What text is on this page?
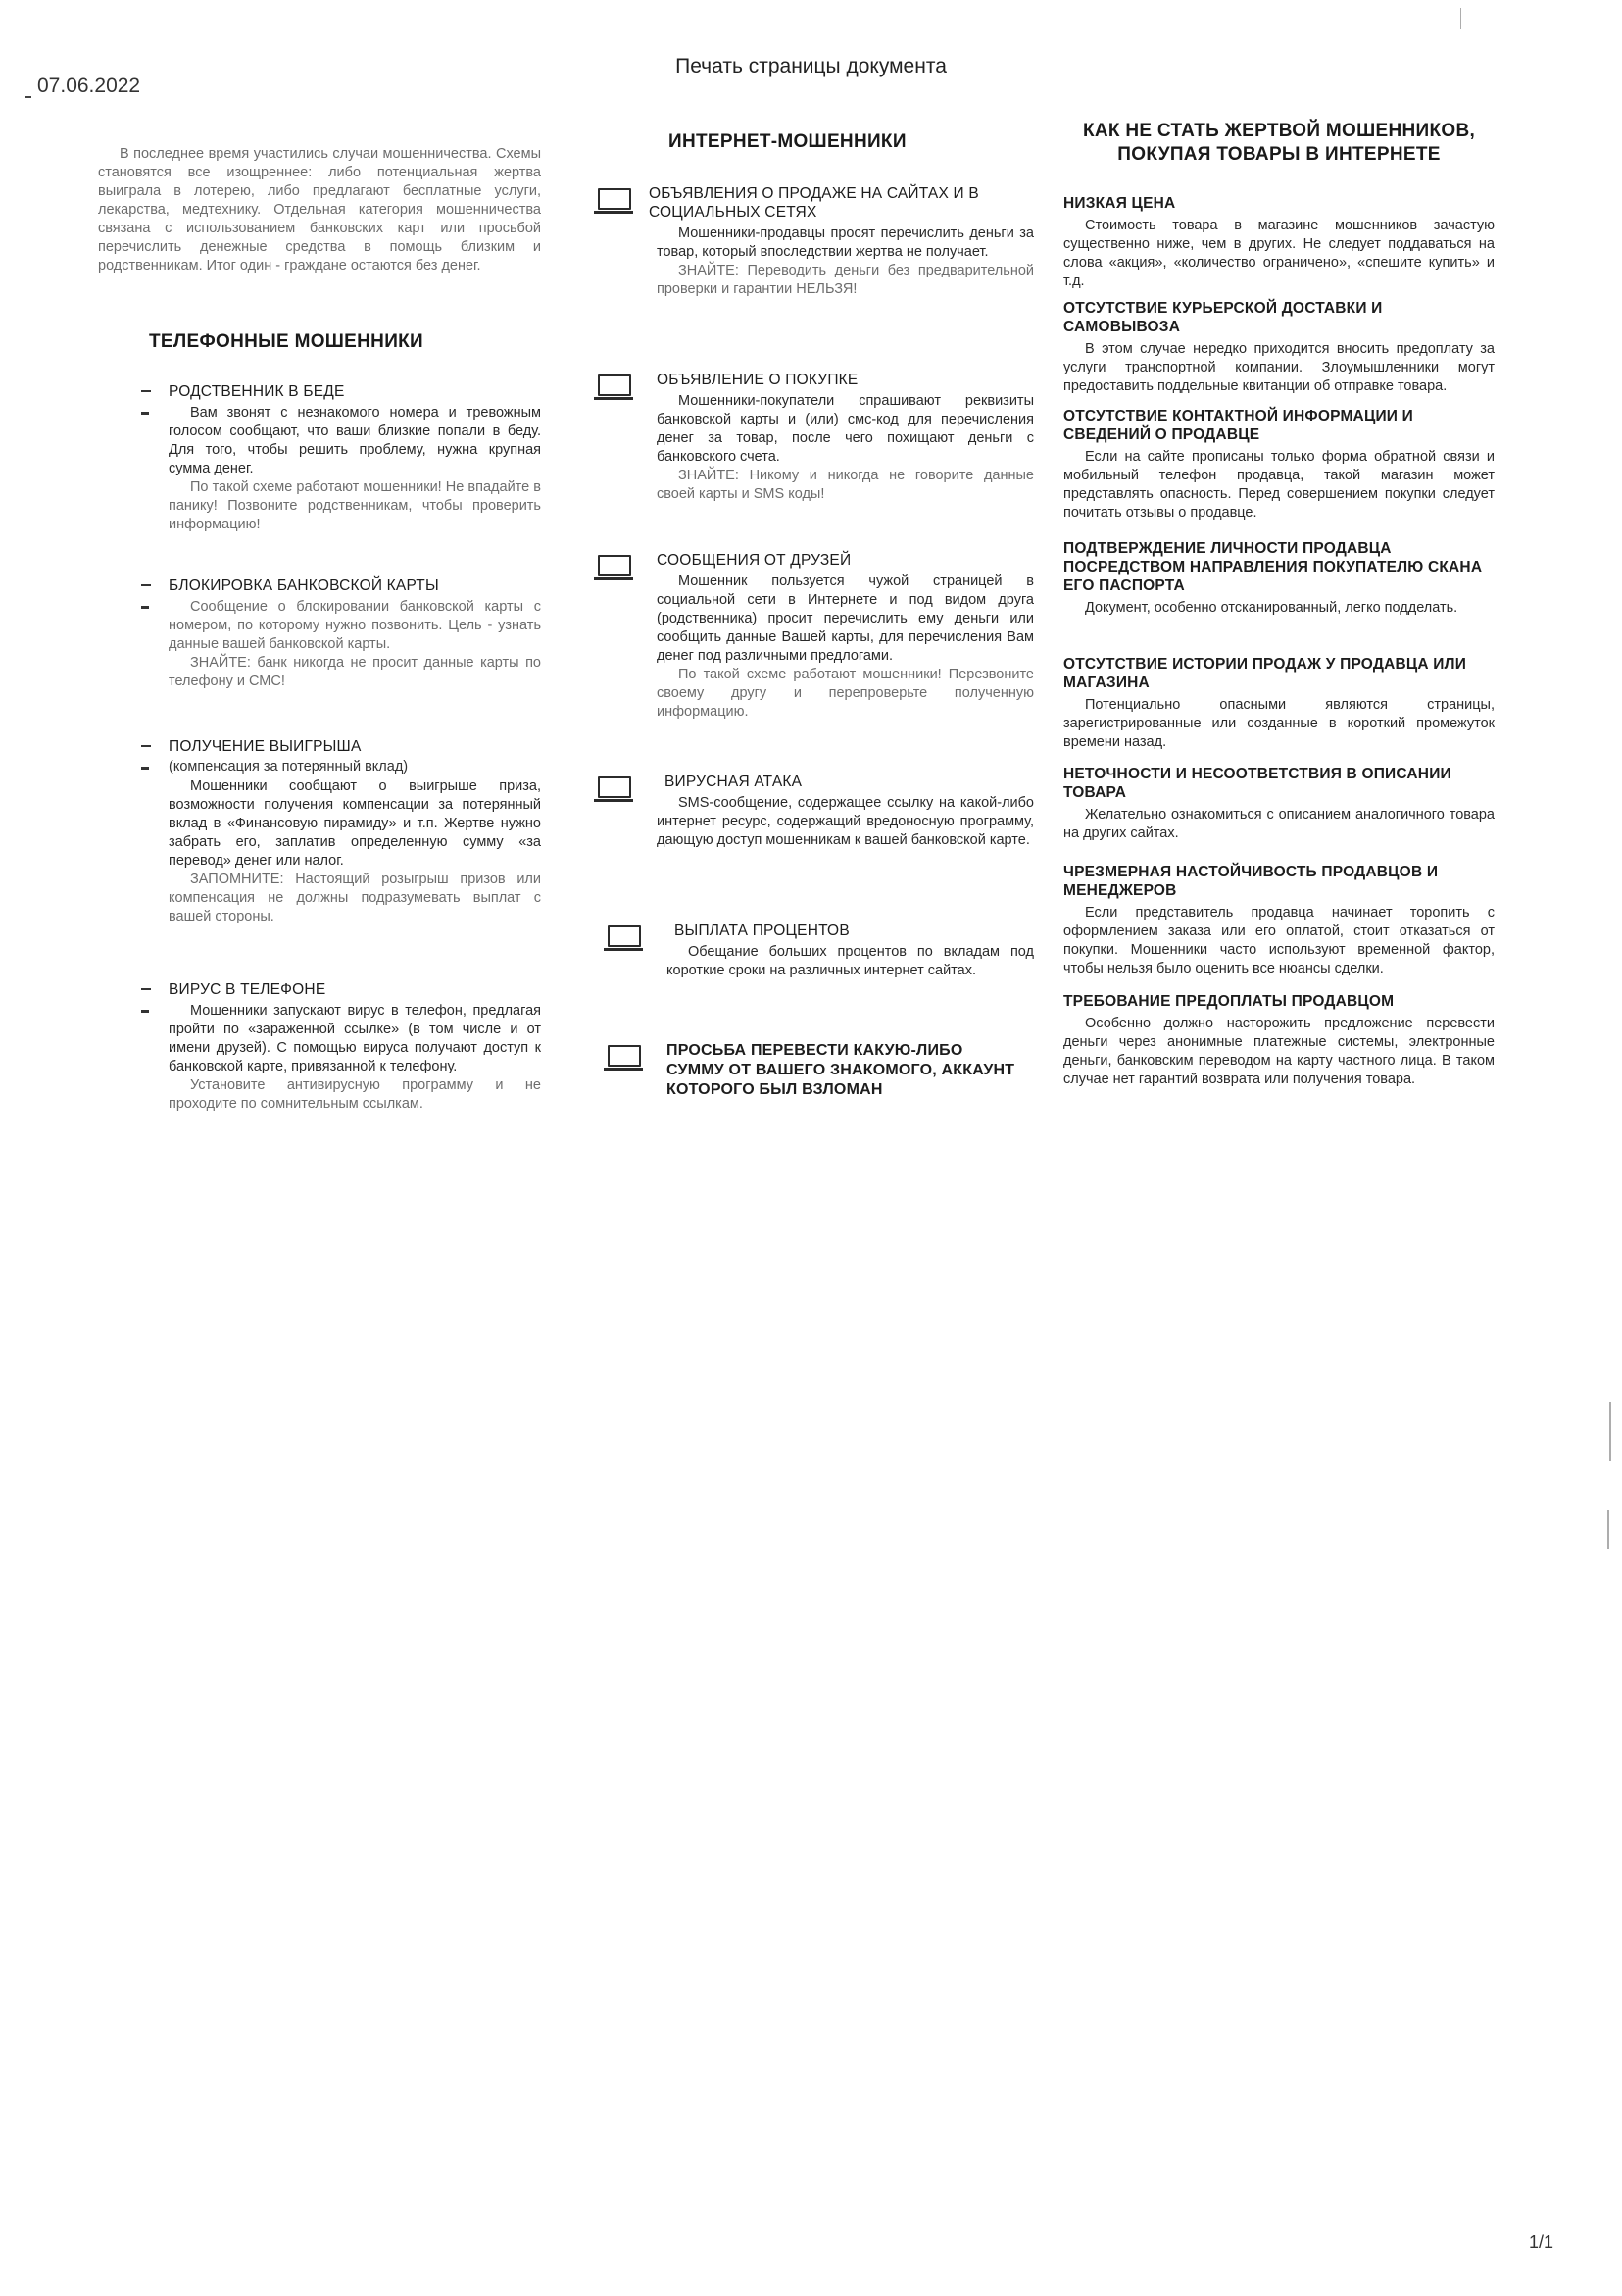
07.06.2022
Печать страницы документа
1/1

В последнее время участились случаи мошенничества. Схемы становятся все изощреннее: либо потенциальная жертва выиграла в лотерею, либо предлагают бесплатные услуги, лекарства, медтехнику. Отдельная категория мошенничества связана с использованием банковских карт или просьбой перечислить денежные средства в помощь близким и родственникам. Итог один - граждане остаются без денег.

ТЕЛЕФОННЫЕ МОШЕННИКИ
РОДСТВЕННИК В БЕДЕ

Вам звонят с незнакомого номера и тревожным голосом сообщают, что ваши близкие попали в беду. Для того, чтобы решить проблему, нужна крупная сумма денег.

По такой схеме работают мошенники! Не впадайте в панику! Позвоните родственникам, чтобы проверить информацию!

БЛОКИРОВКА БАНКОВСКОЙ КАРТЫ

Сообщение о блокировании банковской карты с номером, по которому нужно позвонить. Цель - узнать данные вашей банковской карты.

ЗНАЙТЕ: банк никогда не просит данные карты по телефону и СМС!

ПОЛУЧЕНИЕ ВЫИГРЫША

(компенсация за потерянный вклад)

Мошенники сообщают о выигрыше приза, возможности получения компенсации за потерянный вклад в «Финансовую пирамиду» и т.п. Жертве нужно забрать его, заплатив определенную сумму «за перевод» денег или налог.

ЗАПОМНИТЕ: Настоящий розыгрыш призов или компенсация не должны подразумевать выплат с вашей стороны.

ВИРУС В ТЕЛЕФОНЕ

Мошенники запускают вирус в телефон, предлагая пройти по «зараженной ссылке» (в том числе и от имени друзей). С помощью вируса получают доступ к банковской карте, привязанной к телефону.

Установите антивирусную программу и не проходите по сомнительным ссылкам.

ИНТЕРНЕТ-МОШЕННИКИ
ОБЪЯВЛЕНИЯ О ПРОДАЖЕ НА САЙТАХ И В СОЦИАЛЬНЫХ СЕТЯХ

Мошенники-продавцы просят перечислить деньги за товар, который впоследствии жертва не получает.

ЗНАЙТЕ: Переводить деньги без предварительной проверки и гарантии НЕЛЬЗЯ!

ОБЪЯВЛЕНИЕ О ПОКУПКЕ

Мошенники-покупатели спрашивают реквизиты банковской карты и (или) смс-код для перечисления денег за товар, после чего похищают деньги с банковского счета.

ЗНАЙТЕ: Никому и никогда не говорите данные своей карты и SMS коды!

СООБЩЕНИЯ ОТ ДРУЗЕЙ

Мошенник пользуется чужой страницей в социальной сети в Интернете и под видом друга (родственника) просит перечислить ему деньги или сообщить данные Вашей карты, для перечисления Вам денег под различными предлогами.

По такой схеме работают мошенники! Перезвоните своему другу и перепроверьте полученную информацию.

ВИРУСНАЯ АТАКА

SMS-сообщение, содержащее ссылку на какой-либо интернет ресурс, содержащий вредоносную программу, дающую доступ мошенникам к вашей банковской карте.

ВЫПЛАТА ПРОЦЕНТОВ

Обещание больших процентов по вкладам под короткие сроки на различных интернет сайтах.

ПРОСЬБА ПЕРЕВЕСТИ КАКУЮ-ЛИБО СУММУ ОТ ВАШЕГО ЗНАКОМОГО, АККАУНТ КОТОРОГО БЫЛ ВЗЛОМАН
КАК НЕ СТАТЬ ЖЕРТВОЙ МОШЕННИКОВ, ПОКУПАЯ ТОВАРЫ В ИНТЕРНЕТЕ
НИЗКАЯ ЦЕНА

Стоимость товара в магазине мошенников зачастую существенно ниже, чем в других. Не следует поддаваться на слова «акция», «количество ограничено», «спешите купить» и т.д.

ОТСУТСТВИЕ КУРЬЕРСКОЙ ДОСТАВКИ И САМОВЫВОЗА

В этом случае нередко приходится вносить предоплату за услуги транспортной компании. Злоумышленники могут предоставить поддельные квитанции об отправке товара.

ОТСУТСТВИЕ КОНТАКТНОЙ ИНФОРМАЦИИ И СВЕДЕНИЙ О ПРОДАВЦЕ

Если на сайте прописаны только форма обратной связи и мобильный телефон продавца, такой магазин может представлять опасность. Перед совершением покупки следует почитать отзывы о продавце.

ПОДТВЕРЖДЕНИЕ ЛИЧНОСТИ ПРОДАВЦА ПОСРЕДСТВОМ НАПРАВЛЕНИЯ ПОКУПАТЕЛЮ СКАНА ЕГО ПАСПОРТА

Документ, особенно отсканированный, легко подделать.

ОТСУТСТВИЕ ИСТОРИИ ПРОДАЖ У ПРОДАВЦА ИЛИ МАГАЗИНА

Потенциально опасными являются страницы, зарегистрированные или созданные в короткий промежуток времени назад.

НЕТОЧНОСТИ И НЕСООТВЕТСТВИЯ В ОПИСАНИИ ТОВАРА

Желательно ознакомиться с описанием аналогичного товара на других сайтах.

ЧРЕЗМЕРНАЯ НАСТОЙЧИВОСТЬ ПРОДАВЦОВ И МЕНЕДЖЕРОВ

Если представитель продавца начинает торопить с оформлением заказа или его оплатой, стоит отказаться от покупки. Мошенники часто используют временной фактор, чтобы нельзя было оценить все нюансы сделки.

ТРЕБОВАНИЕ ПРЕДОПЛАТЫ ПРОДАВЦОМ

Особенно должно насторожить предложение перевести деньги через анонимные платежные системы, электронные деньги, банковским переводом на карту частного лица. В таком случае нет гарантий возврата или получения товара.
